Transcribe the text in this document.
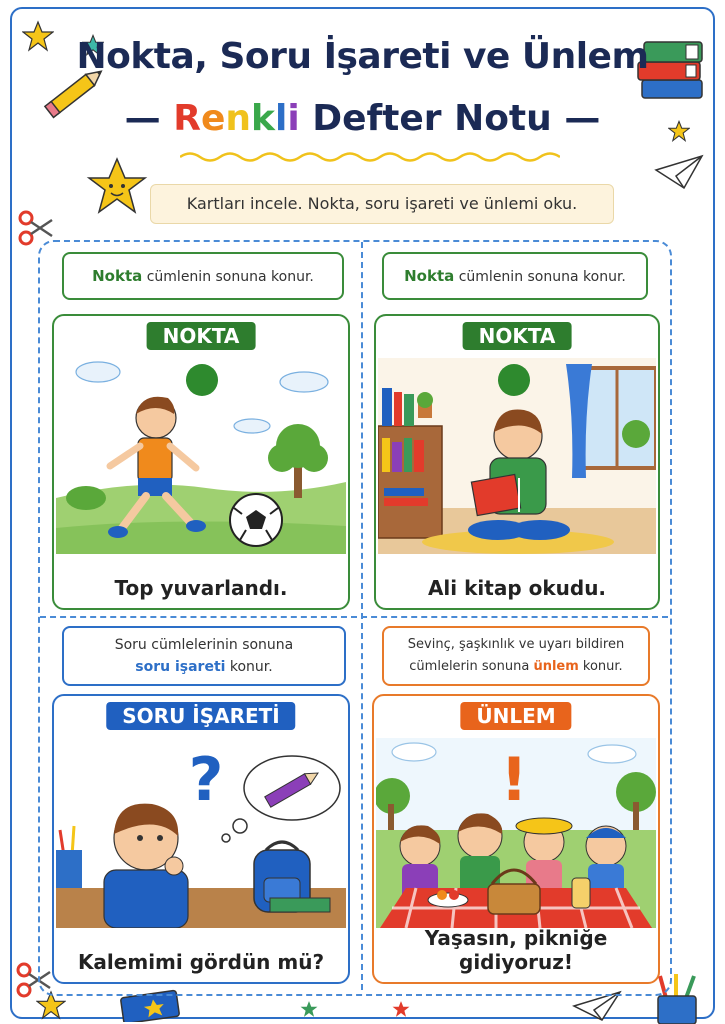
Nokta, Soru İşareti ve Ünlem
— Renkli Defter Notu —
Kartları incele. Nokta, soru işareti ve ünlemi oku.
Nokta cümlenin sonuna konur.
NOKTA
Top yuvarlandı.
Nokta cümlenin sonuna konur.
NOKTA
Ali kitap okudu.
Soru cümlelerinin sonuna
soru işareti konur.
SORU İŞARETİ
?
Kalemimi gördün mü?
Sevinç, şaşkınlık ve uyarı bildiren
cümlelerin sonuna ünlem konur.
ÜNLEM
!
Yaşasın, pikniğe gidiyoruz!
